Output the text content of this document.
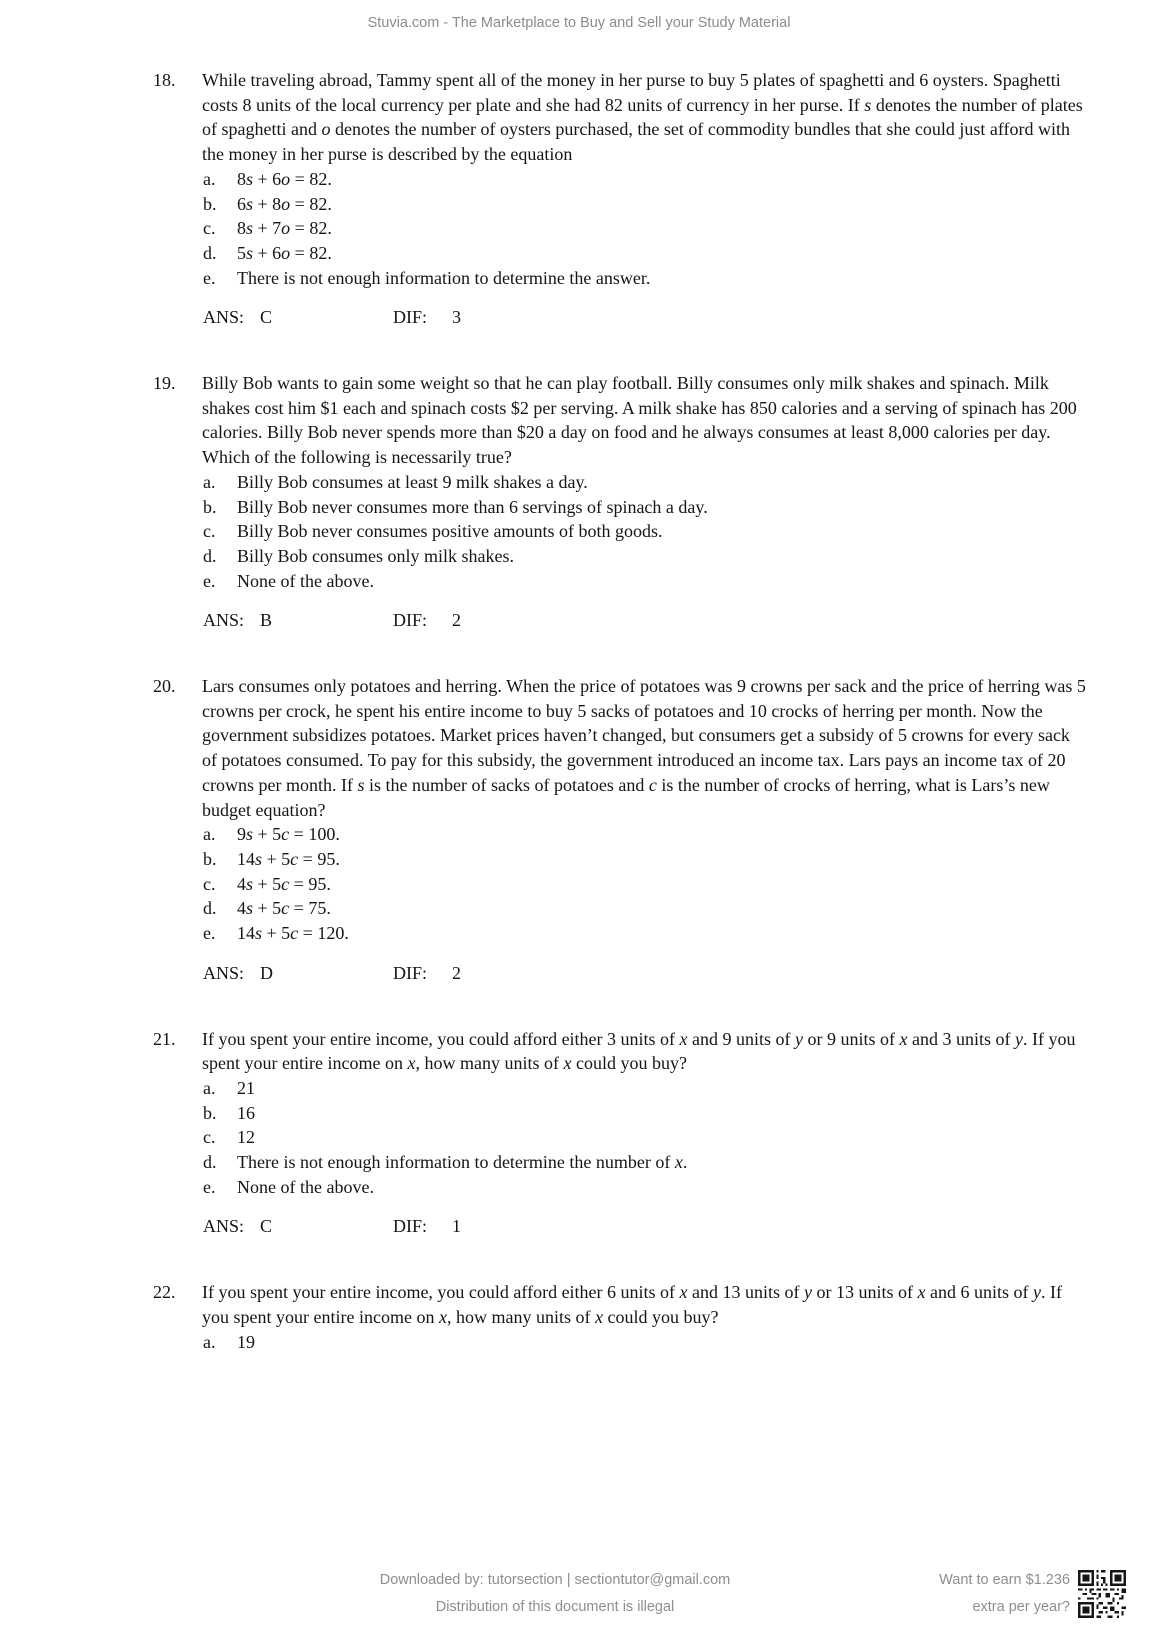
Stuvia.com - The Marketplace to Buy and Sell your Study Material
18.	While traveling abroad, Tammy spent all of the money in her purse to buy 5 plates of spaghetti and 6 oysters. Spaghetti costs 8 units of the local currency per plate and she had 82 units of currency in her purse. If s denotes the number of plates of spaghetti and o denotes the number of oysters purchased, the set of commodity bundles that she could just afford with the money in her purse is described by the equation
a.	8s + 6o = 82.
b.	6s + 8o = 82.
c.	8s + 7o = 82.
d.	5s + 6o = 82.
e.	There is not enough information to determine the answer.
ANS: C	DIF:	3
19.	Billy Bob wants to gain some weight so that he can play football. Billy consumes only milk shakes and spinach. Milk shakes cost him $1 each and spinach costs $2 per serving. A milk shake has 850 calories and a serving of spinach has 200 calories. Billy Bob never spends more than $20 a day on food and he always consumes at least 8,000 calories per day. Which of the following is necessarily true?
a.	Billy Bob consumes at least 9 milk shakes a day.
b.	Billy Bob never consumes more than 6 servings of spinach a day.
c.	Billy Bob never consumes positive amounts of both goods.
d.	Billy Bob consumes only milk shakes.
e.	None of the above.
ANS: B	DIF:	2
20.	Lars consumes only potatoes and herring. When the price of potatoes was 9 crowns per sack and the price of herring was 5 crowns per crock, he spent his entire income to buy 5 sacks of potatoes and 10 crocks of herring per month. Now the government subsidizes potatoes. Market prices haven’t changed, but consumers get a subsidy of 5 crowns for every sack of potatoes consumed. To pay for this subsidy, the government introduced an income tax. Lars pays an income tax of 20 crowns per month. If s is the number of sacks of potatoes and c is the number of crocks of herring, what is Lars’s new budget equation?
a.	9s + 5c = 100.
b.	14s + 5c = 95.
c.	4s + 5c = 95.
d.	4s + 5c = 75.
e.	14s + 5c = 120.
ANS: D	DIF:	2
21.	If you spent your entire income, you could afford either 3 units of x and 9 units of y or 9 units of x and 3 units of y. If you spent your entire income on x, how many units of x could you buy?
a.	21
b.	16
c.	12
d.	There is not enough information to determine the number of x.
e.	None of the above.
ANS: C	DIF:	1
22.	If you spent your entire income, you could afford either 6 units of x and 13 units of y or 13 units of x and 6 units of y. If you spent your entire income on x, how many units of x could you buy?
a.	19
Downloaded by: tutorsection | sectiontutor@gmail.com
Distribution of this document is illegal
Want to earn $1.236
extra per year?
